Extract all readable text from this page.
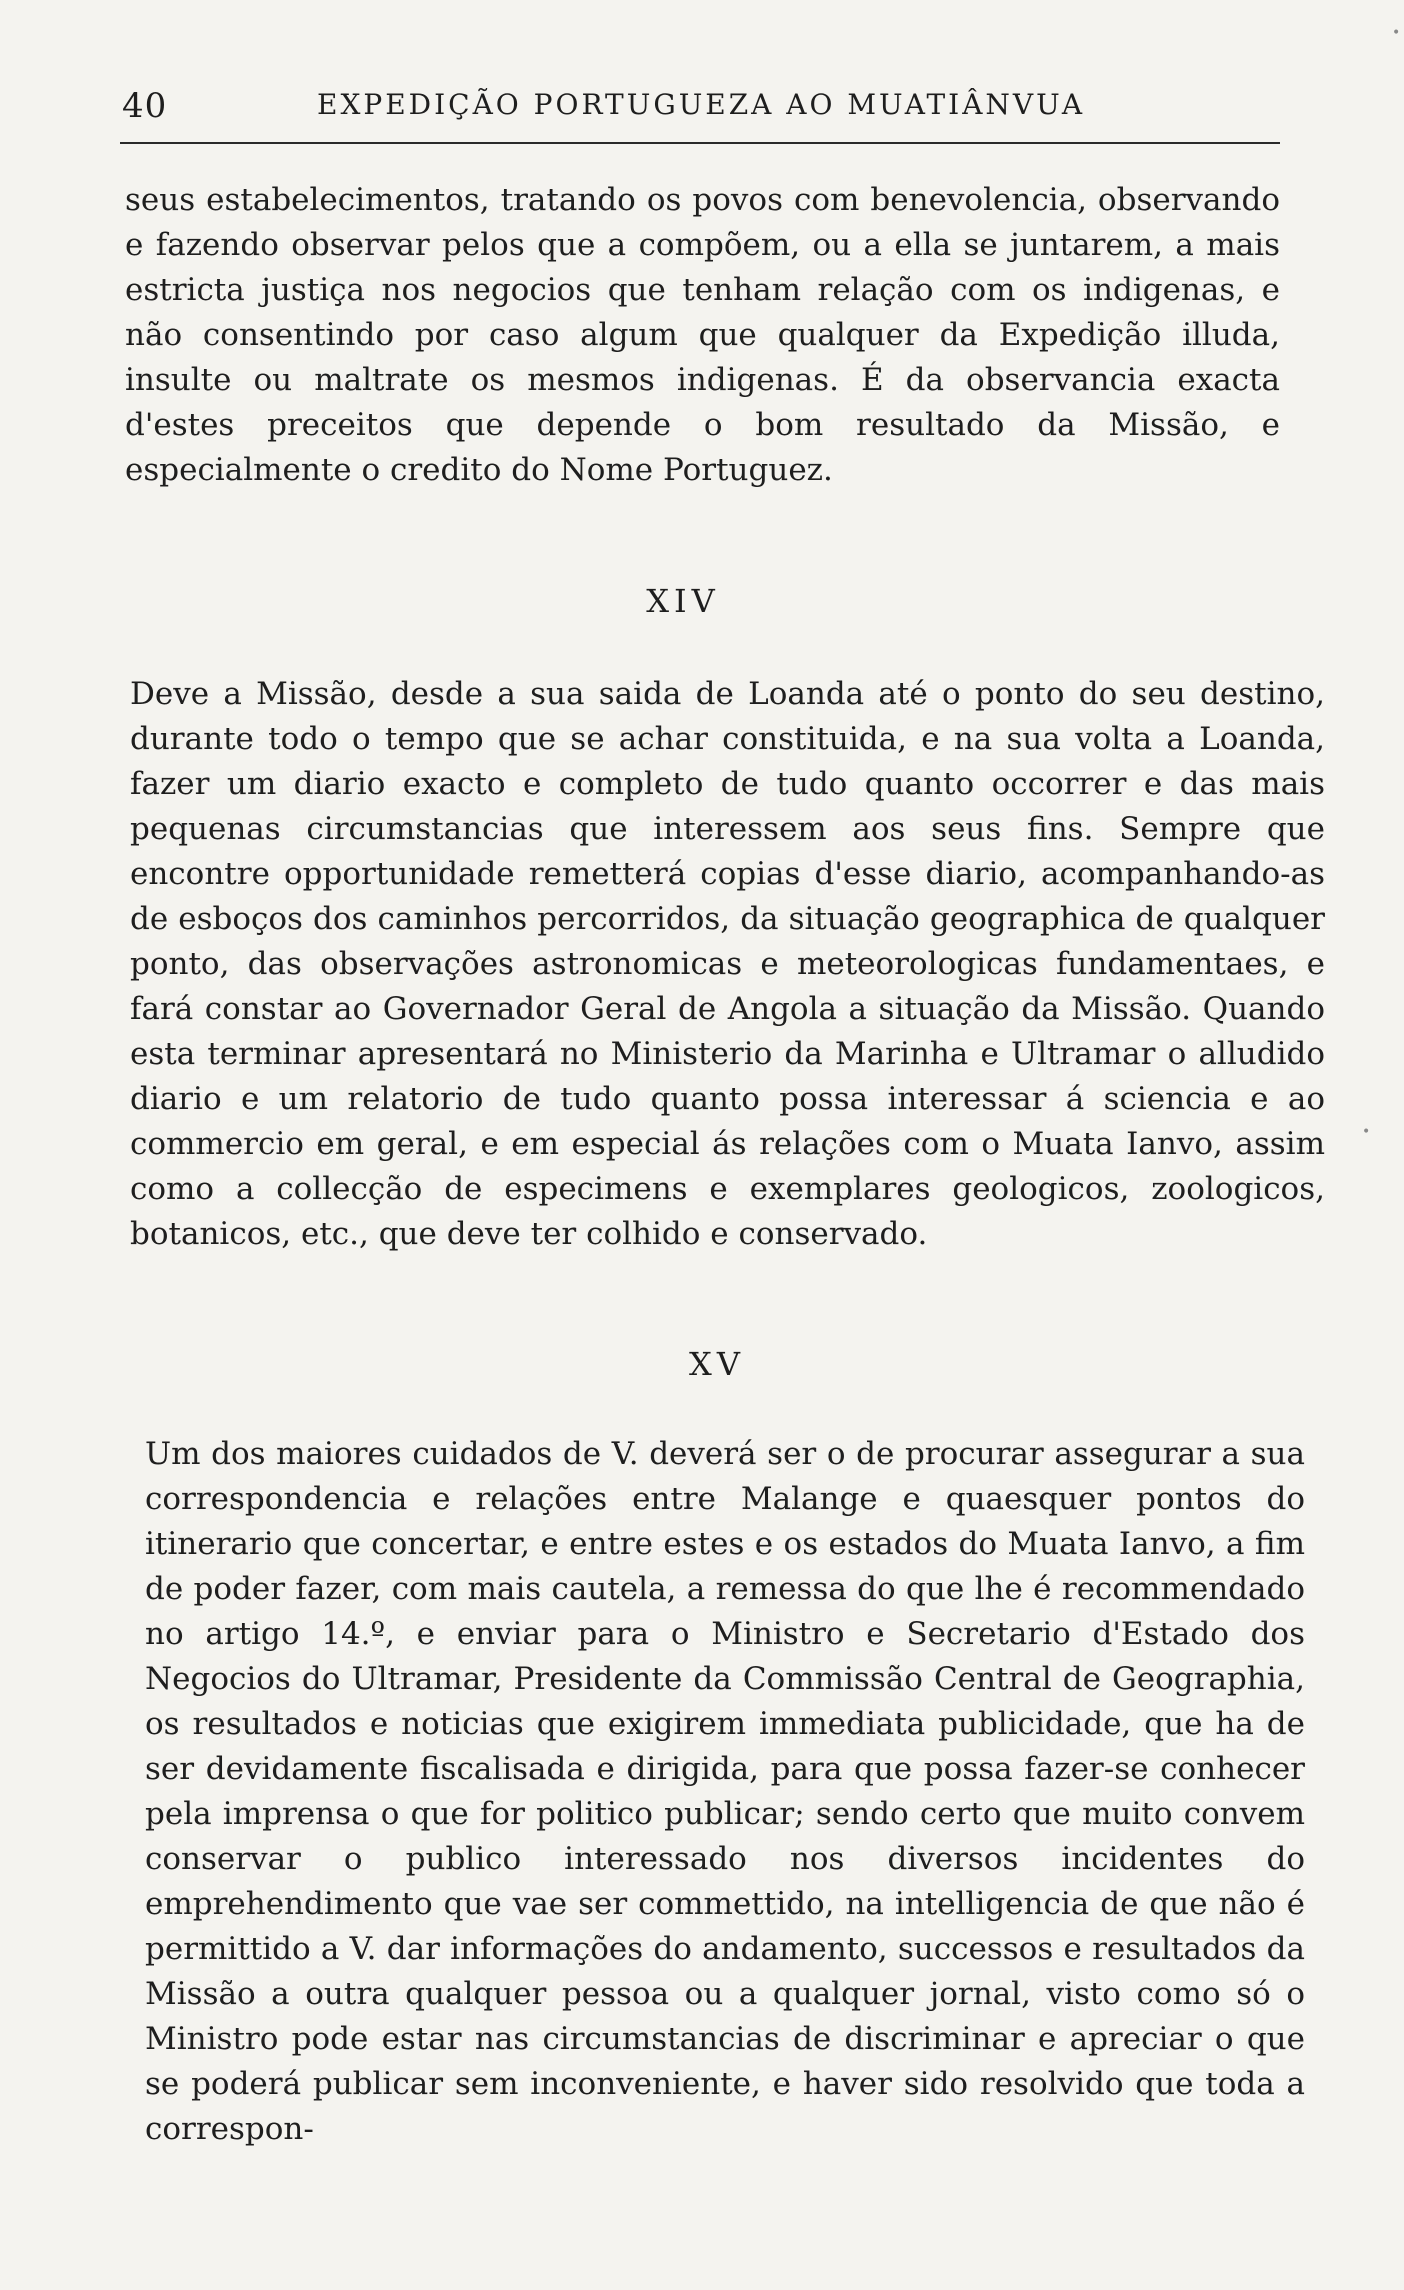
40	EXPEDIÇÃO PORTUGUEZA AO MUATIÂNVUA

seus estabelecimentos, tratando os povos com benevolencia, observando e fazendo observar pelos que a compõem, ou a ella se juntarem, a mais estricta justiça nos negocios que tenham relação com os indigenas, e não consentindo por caso algum que qualquer da Expedição illuda, insulte ou maltrate os mesmos indigenas. É da observancia exacta d'estes preceitos que depende o bom resultado da Missão, e especialmente o credito do Nome Portuguez.

XIV

Deve a Missão, desde a sua saida de Loanda até o ponto do seu destino, durante todo o tempo que se achar constituida, e na sua volta a Loanda, fazer um diario exacto e completo de tudo quanto occorrer e das mais pequenas circumstancias que interessem aos seus fins. Sempre que encontre opportunidade remetterá copias d'esse diario, acompanhando-as de esboços dos caminhos percorridos, da situação geographica de qualquer ponto, das observações astronomicas e meteorologicas fundamentaes, e fará constar ao Governador Geral de Angola a situação da Missão. Quando esta terminar apresentará no Ministerio da Marinha e Ultramar o alludido diario e um relatorio de tudo quanto possa interessar á sciencia e ao commercio em geral, e em especial ás relações com o Muata Ianvo, assim como a collecção de especimens e exemplares geologicos, zoologicos, botanicos, etc., que deve ter colhido e conservado.

XV

Um dos maiores cuidados de V. deverá ser o de procurar assegurar a sua correspondencia e relações entre Malange e quaesquer pontos do itinerario que concertar, e entre estes e os estados do Muata Ianvo, a fim de poder fazer, com mais cautela, a remessa do que lhe é recommendado no artigo 14.º, e enviar para o Ministro e Secretario d'Estado dos Negocios do Ultramar, Presidente da Commissão Central de Geographia, os resultados e noticias que exigirem immediata publicidade, que ha de ser devidamente fiscalisada e dirigida, para que possa fazer-se conhecer pela imprensa o que for politico publicar; sendo certo que muito convem conservar o publico interessado nos diversos incidentes do emprehendimento que vae ser commettido, na intelligencia de que não é permittido a V. dar informações do andamento, successos e resultados da Missão a outra qualquer pessoa ou a qualquer jornal, visto como só o Ministro pode estar nas circumstancias de discriminar e apreciar o que se poderá publicar sem inconveniente, e haver sido resolvido que toda a correspon-

•
•
